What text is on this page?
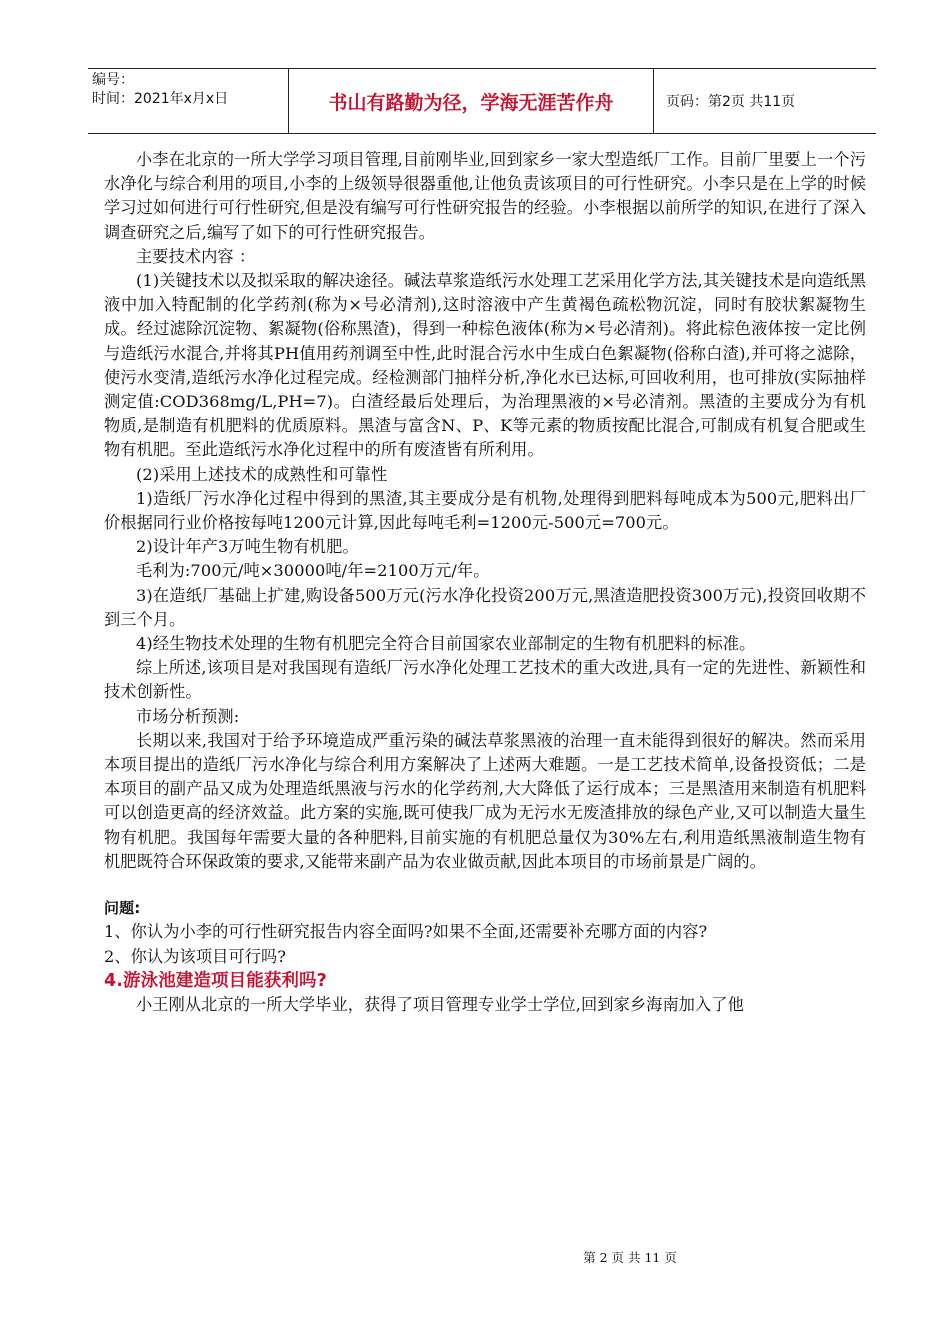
编号：
时间：2021年x月x日	书山有路勤为径，学海无涯苦作舟	页码：第2页 共11页

小李在北京的一所大学学习项目管理,目前刚毕业,回到家乡一家大型造纸厂工作。目前厂里要上一个污水净化与综合利用的项目,小李的上级领导很器重他,让他负责该项目的可行性研究。小李只是在上学的时候学习过如何进行可行性研究,但是没有编写可行性研究报告的经验。小李根据以前所学的知识,在进行了深入调查研究之后,编写了如下的可行性研究报告。

主要技术内容 ：

(1)关键技术以及拟采取的解决途径。碱法草浆造纸污水处理工艺采用化学方法,其关键技术是向造纸黑液中加入特配制的化学药剂(称为×号必清剂),这时溶液中产生黄褐色疏松物沉淀，同时有胶状絮凝物生成。经过滤除沉淀物、絮凝物(俗称黑渣)，得到一种棕色液体(称为×号必清剂)。将此棕色液体按一定比例与造纸污水混合,并将其PH值用药剂调至中性,此时混合污水中生成白色絮凝物(俗称白渣),并可将之滤除，使污水变清,造纸污水净化过程完成。经检测部门抽样分析,净化水已达标,可回收利用，也可排放(实际抽样测定值:COD368mg/L,PH=7)。白渣经最后处理后，为治理黑液的×号必清剂。黑渣的主要成分为有机物质,是制造有机肥料的优质原料。黑渣与富含N、P、K等元素的物质按配比混合,可制成有机复合肥或生物有机肥。至此造纸污水净化过程中的所有废渣皆有所利用。

(2)采用上述技术的成熟性和可靠性

1)造纸厂污水净化过程中得到的黑渣,其主要成分是有机物,处理得到肥料每吨成本为500元,肥料出厂价根据同行业价格按每吨1200元计算,因此每吨毛利=1200元-500元=700元。

2)设计年产3万吨生物有机肥。

毛利为:700元/吨×30000吨/年=2100万元/年。

3)在造纸厂基础上扩建,购设备500万元(污水净化投资200万元,黑渣造肥投资300万元),投资回收期不到三个月。

4)经生物技术处理的生物有机肥完全符合目前国家农业部制定的生物有机肥料的标准。

综上所述,该项目是对我国现有造纸厂污水净化处理工艺技术的重大改进,具有一定的先进性、新颖性和技术创新性。

市场分析预测:

长期以来,我国对于给予环境造成严重污染的碱法草浆黑液的治理一直未能得到很好的解决。然而采用本项目提出的造纸厂污水净化与综合利用方案解决了上述两大难题。一是工艺技术简单,设备投资低；二是本项目的副产品又成为处理造纸黑液与污水的化学药剂,大大降低了运行成本；三是黑渣用来制造有机肥料可以创造更高的经济效益。此方案的实施,既可使我厂成为无污水无废渣排放的绿色产业,又可以制造大量生物有机肥。我国每年需要大量的各种肥料,目前实施的有机肥总量仅为30%左右,利用造纸黑液制造生物有机肥既符合环保政策的要求,又能带来副产品为农业做贡献,因此本项目的市场前景是广阔的。

问题:

1、你认为小李的可行性研究报告内容全面吗?如果不全面,还需要补充哪方面的内容?

2、你认为该项目可行吗?

4.游泳池建造项目能获利吗?

小王刚从北京的一所大学毕业，获得了项目管理专业学士学位,回到家乡海南加入了他

第 2 页 共 11 页
